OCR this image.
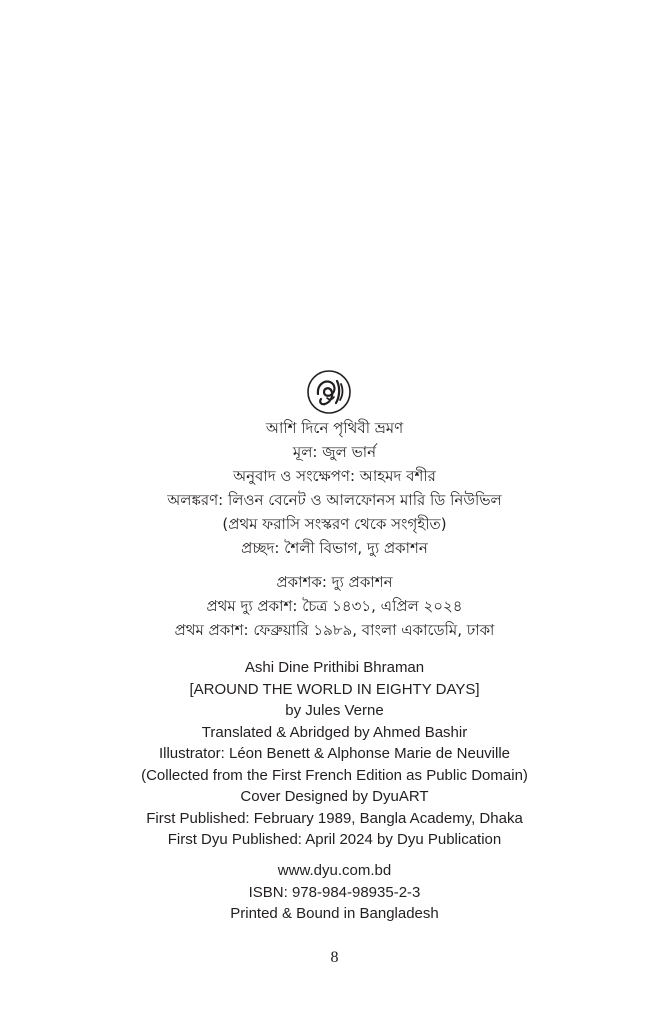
আশি দিনে পৃথিবী ভ্রমণ
মূল: জুল ভার্ন
অনুবাদ ও সংক্ষেপণ: আহমদ বশীর
অলঙ্করণ: লিওন বেনেট ও আলফোনস মারি ডি নিউভিল
(প্রথম ফরাসি সংস্করণ থেকে সংগৃহীত)
প্রচ্ছদ: শৈলী বিভাগ, দ্যু প্রকাশন
প্রকাশক: দ্যু প্রকাশন
প্রথম দ্যু প্রকাশ: চৈত্র ১৪৩১, এপ্রিল ২০২৪
প্রথম প্রকাশ: ফেব্রুয়ারি ১৯৮৯, বাংলা একাডেমি, ঢাকা
Ashi Dine Prithibi Bhraman
[AROUND THE WORLD IN EIGHTY DAYS]
by Jules Verne
Translated & Abridged by Ahmed Bashir
Illustrator: Léon Benett & Alphonse Marie de Neuville
(Collected from the First French Edition as Public Domain)
Cover Designed by DyuART
First Published: February 1989, Bangla Academy, Dhaka
First Dyu Published: April 2024 by Dyu Publication
www.dyu.com.bd
ISBN: 978-984-98935-2-3
Printed & Bound in Bangladesh
8
